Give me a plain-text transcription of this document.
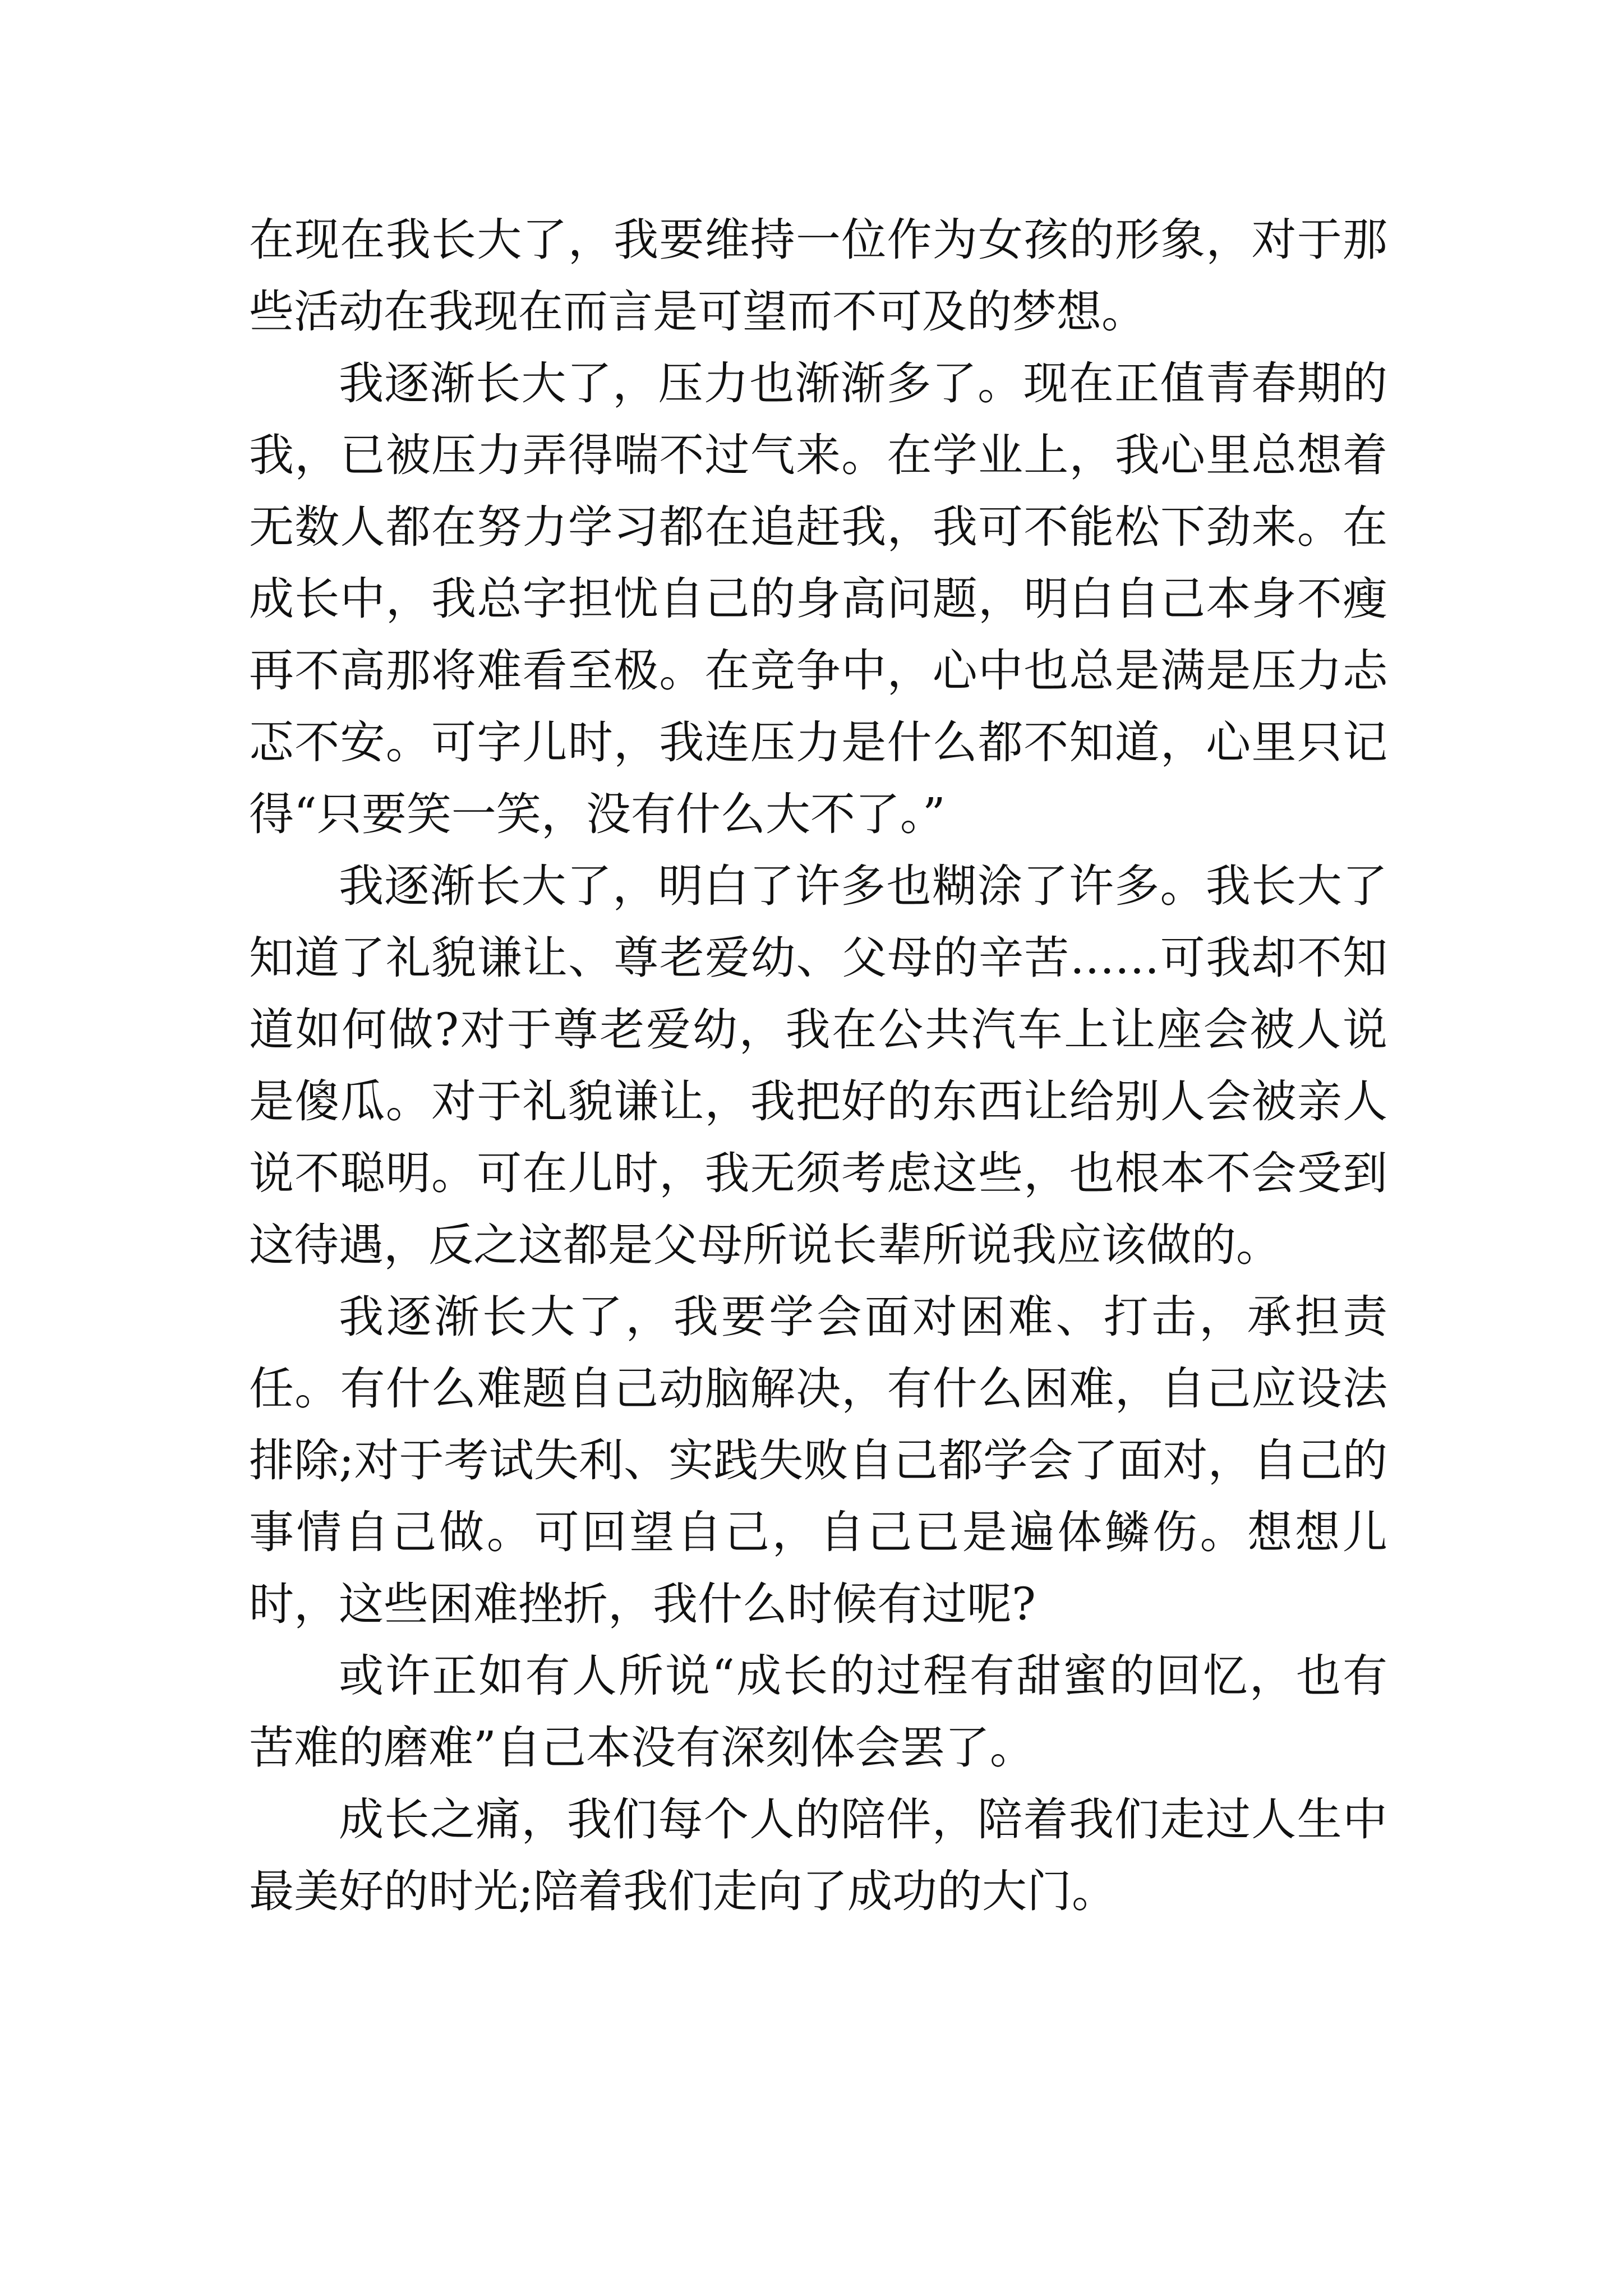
在现在我长大了，我要维持一位作为女孩的形象，对于那些活动在我现在而言是可望而不可及的梦想。

我逐渐长大了，压力也渐渐多了。现在正值青春期的我，已被压力弄得喘不过气来。在学业上，我心里总想着无数人都在努力学习都在追赶我，我可不能松下劲来。在成长中，我总字担忧自己的身高问题，明白自己本身不瘦再不高那将难看至极。在竞争中，心中也总是满是压力忐忑不安。可字儿时，我连压力是什么都不知道，心里只记得“只要笑一笑，没有什么大不了。”

我逐渐长大了，明白了许多也糊涂了许多。我长大了知道了礼貌谦让、尊老爱幼、父母的辛苦……可我却不知道如何做?对于尊老爱幼，我在公共汽车上让座会被人说是傻瓜。对于礼貌谦让，我把好的东西让给别人会被亲人说不聪明。可在儿时，我无须考虑这些，也根本不会受到这待遇，反之这都是父母所说长辈所说我应该做的。

我逐渐长大了，我要学会面对困难、打击，承担责任。有什么难题自己动脑解决，有什么困难，自己应设法排除;对于考试失利、实践失败自己都学会了面对，自己的事情自己做。可回望自己，自己已是遍体鳞伤。想想儿时，这些困难挫折，我什么时候有过呢?

或许正如有人所说“成长的过程有甜蜜的回忆，也有苦难的磨难”自己本没有深刻体会罢了。

成长之痛，我们每个人的陪伴，陪着我们走过人生中最美好的时光;陪着我们走向了成功的大门。
